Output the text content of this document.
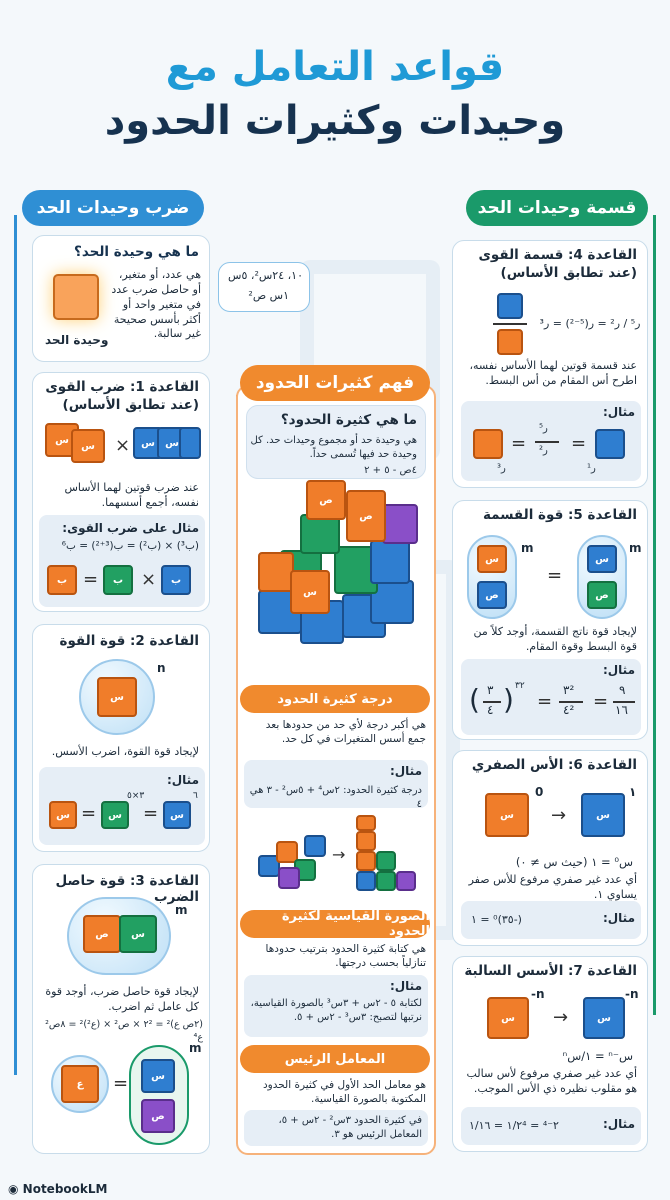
قواعد التعامل مع
وحيدات وكثيرات الحدود
ضرب وحيدات الحد	قسمة وحيدات الحد
ما هي وحيدة الحد؟
هي عدد، أو متغير، أو حاصل ضرب عدد في متغير واحد أو أكثر بأسس صحيحة غير سالبة.
وحيدة الحد
١٠، ٢٤س²، ٥س
١س ص²
القاعدة 1: ضرب القوى
(عند تطابق الأساس)
س
س	×	س	س
عند ضرب قوتين لهما الأساس نفسه، أجمع أسسهما.
مثال على ضرب القوى:
(ب³) × (ب²) = ب(³⁺²) = ب⁶
ب =	ب ×	ب
القاعدة 2: قوة القوة
س
n
لإيجاد قوة القوة، اضرب الأسس.
مثال:
س =	س
٣×٥
=	س
٦
القاعدة 3: قوة حاصل الضرب
ص	س
m
لإيجاد قوة حاصل ضرب، أوجد قوة كل عامل ثم اضرب.
(٢ص ع)² = ٢² × ص² × (ع²)² = ٨ص² ع⁴
ع	=	س
ص
m
فهم كثيرات الحدود
ما هي كثيرة الحدود؟
هي وحيدة حد أو مجموع وحيدات حد. كل وحيدة حد فيها تُسمى حداً.
٤ص - ٥ + ٢
س
ص
ص
درجة كثيرة الحدود
هي أكبر درجة لأي حد من حدودها بعد جمع أسس المتغيرات في كل حد.
مثال:
درجة كثيرة الحدود: ٢س⁴ + ٥س² - ٣ هي ٤
→
الصورة القياسية لكثيرة الحدود
هي كتابة كثيرة الحدود بترتيب حدودها تنازلياً بحسب درجتها.
مثال:
لكتابة ٥ - ٢س + ٣س³ بالصورة القياسية، نرتبها لتصبح: ٣س³ - ٢س + ٥.
المعامل الرئيس
هو معامل الحد الأول في كثيرة الحدود المكتوبة بالصورة القياسية.
في كثيرة الحدود ٣س² - ٢س + ٥، المعامل الرئيس هو ٣.
القاعدة 4: قسمة القوى
(عند تطابق الأساس)
ر⁵ / ر² = ر(⁵⁻²) = ر³
عند قسمة قوتين لهما الأساس نفسه، اطرح أس المقام من أس البسط.
مثال:
ر³
=
ر⁵
ر² =
ر¹
القاعدة 5: قوة القسمة
س
ص
m
=
س
ص
m
لإيجاد قوة ناتج القسمة، أوجد كلاً من قوة البسط وقوة المقام.
مثال:
( ٣
٤ ) ٣٢
=
٣²
٤² =
٩
١٦
القاعدة 6: الأس الصفري
س
0
→	س
١
س⁰ = ١ (حيث س ≠ ٠)
أي عدد غير صفري مرفوع للأس صفر يساوي ١.
مثال:
(-٣٥)⁰ = ١
القاعدة 7: الأسس السالبة
س
-n
→	س
-n
س⁻ⁿ = ١/سⁿ
أي عدد غير صفري مرفوع لأس سالب هو مقلوب نظيره ذي الأس الموجب.
مثال:
٢⁻⁴ = ١/٢⁴ = ١/١٦
◉ NotebookLM
